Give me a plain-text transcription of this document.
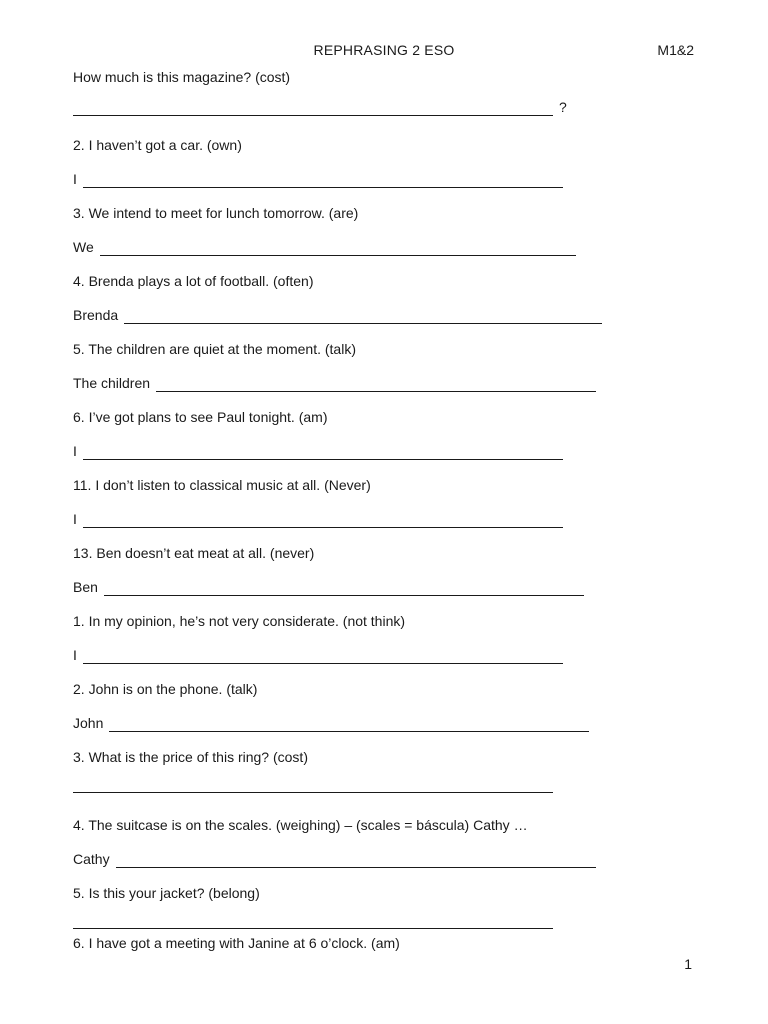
REPHRASING 2 ESO	M1&2
How much is this magazine? (cost)
?
2. I haven’t got a car. (own)
I
3. We intend to meet for lunch tomorrow. (are)
We
4. Brenda plays a lot of football. (often)
Brenda
5. The children are quiet at the moment. (talk)
The children
6. I’ve got plans to see Paul tonight. (am)
I
11. I don’t listen to classical music at all. (Never)
I
13. Ben doesn’t eat meat at all. (never)
Ben
1. In my opinion, he’s not very considerate. (not think)
I
2. John is on the phone. (talk)
John
3. What is the price of this ring? (cost)
4. The suitcase is on the scales. (weighing) – (scales = báscula) Cathy …
Cathy
5. Is this your jacket? (belong)
6. I have got a meeting with Janine at 6 o’clock. (am)
1
